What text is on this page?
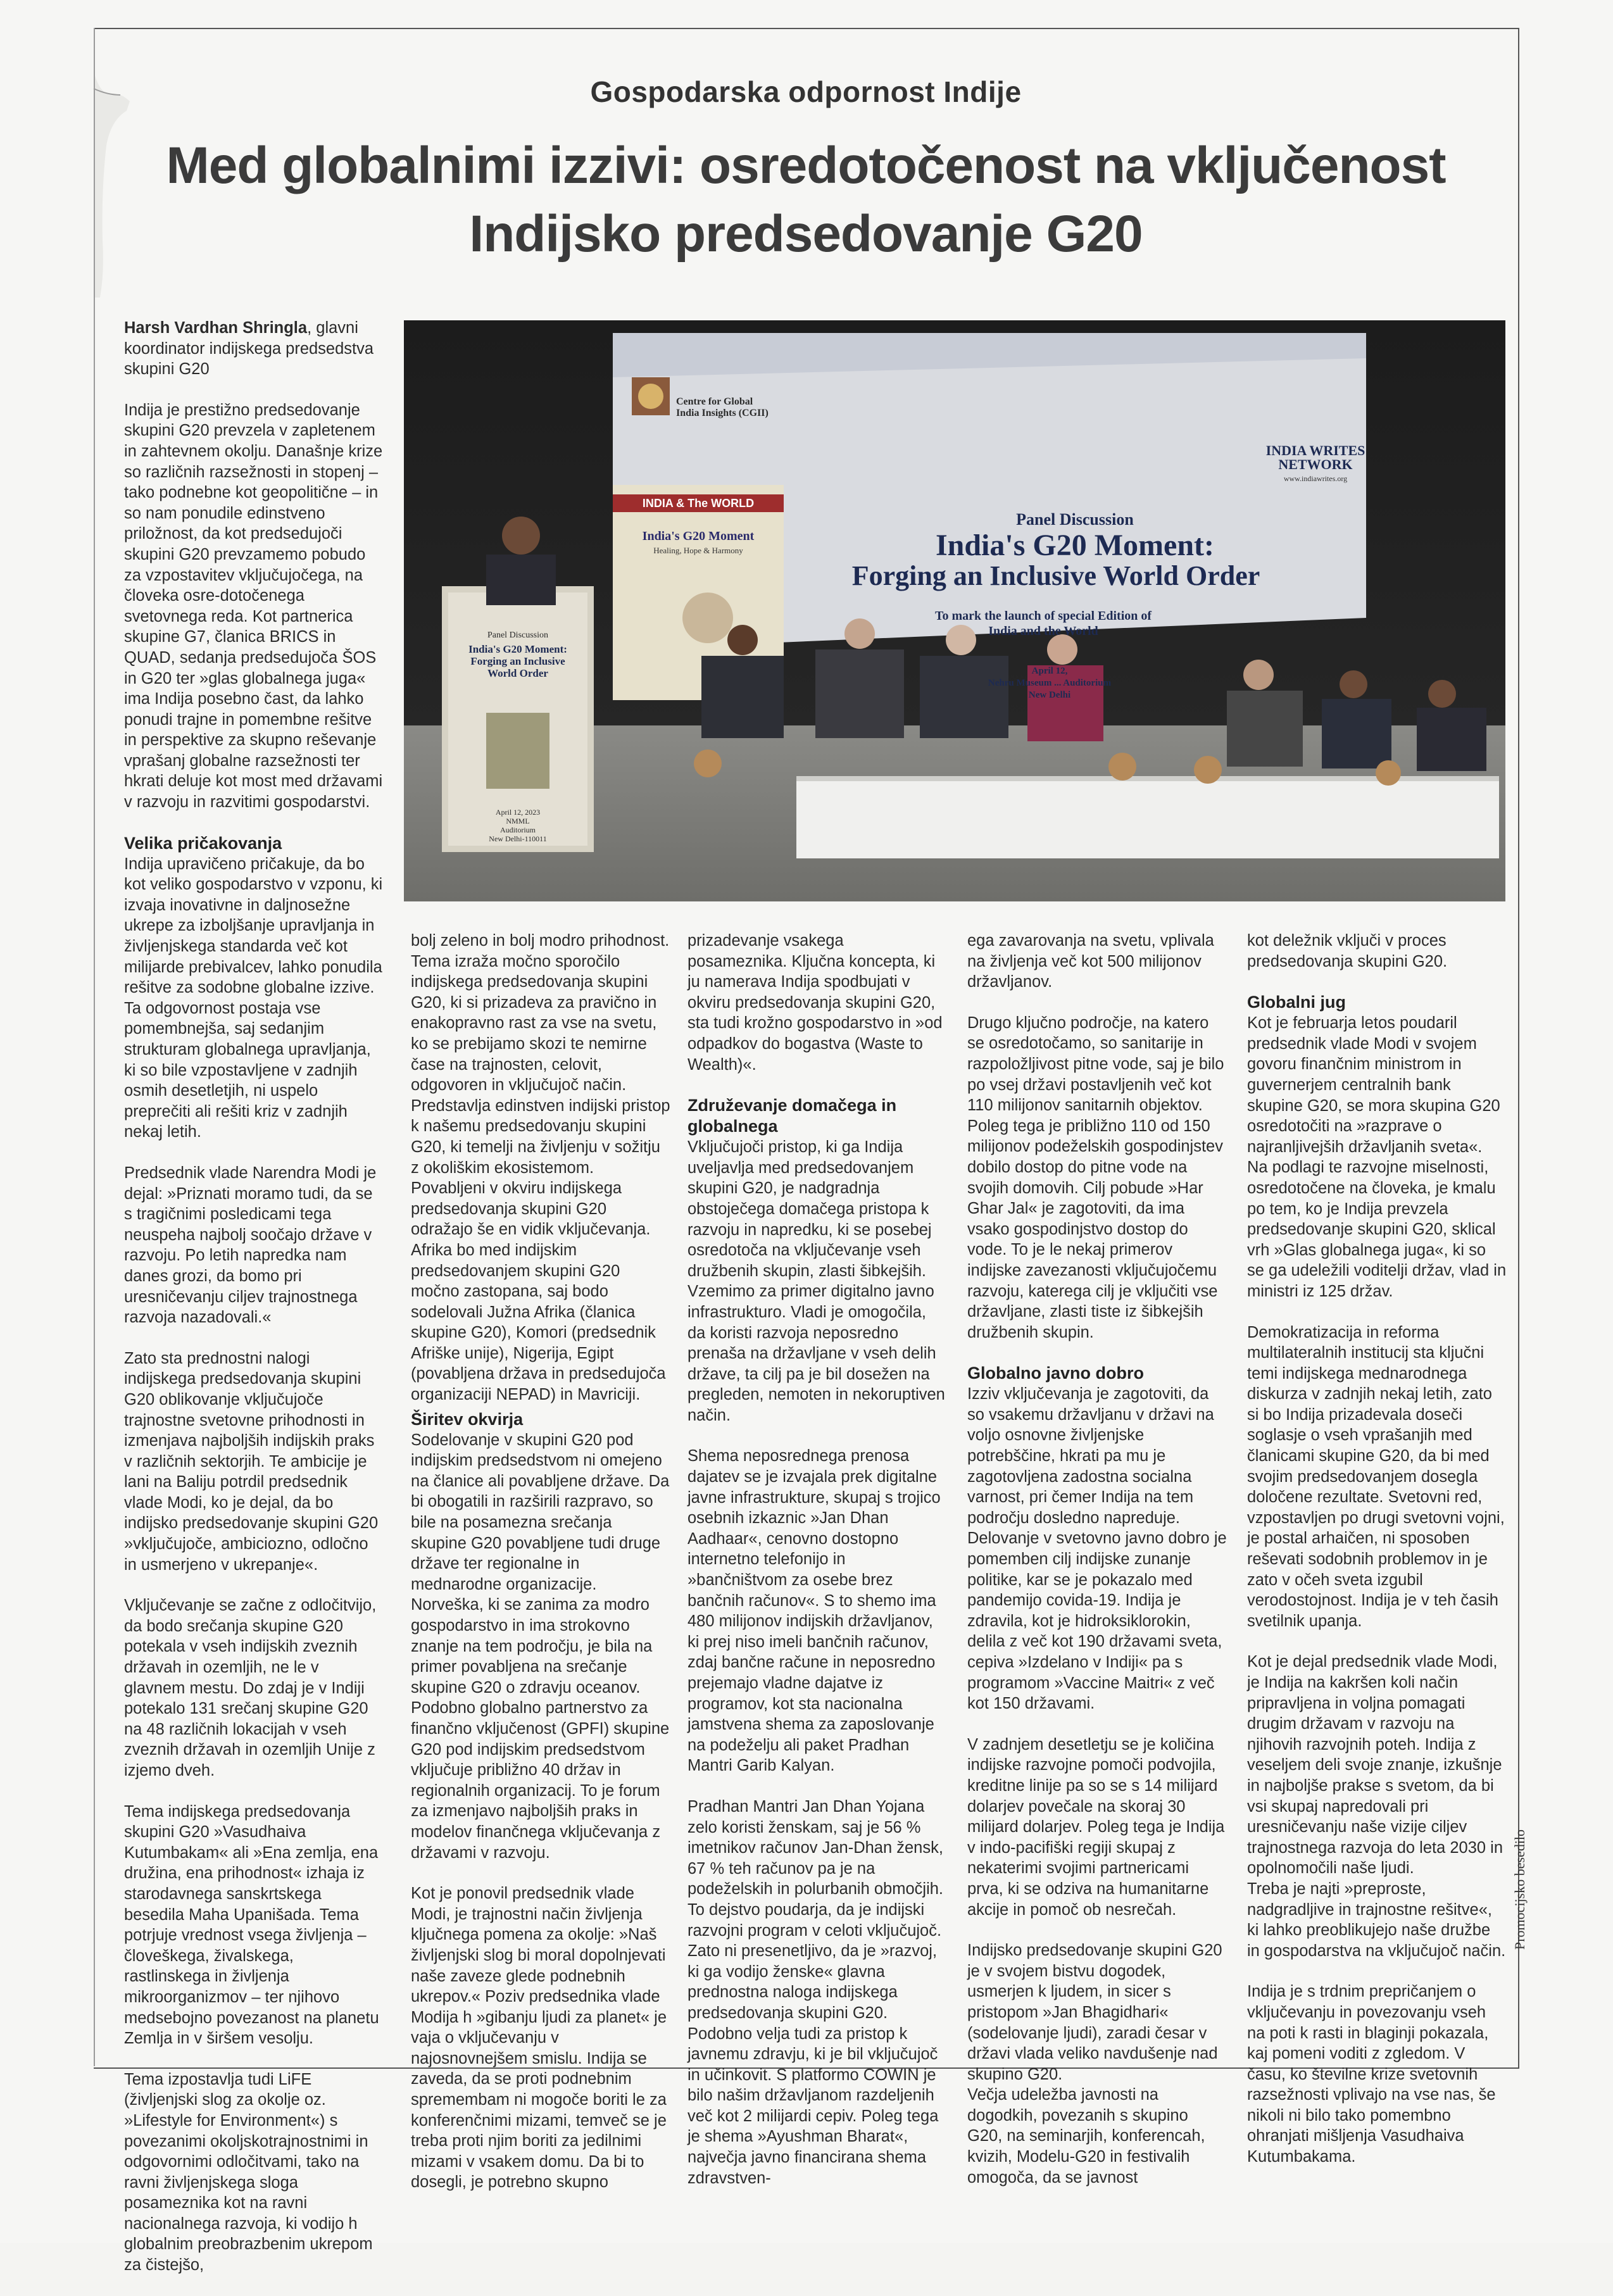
Gospodarska odpornost Indije
Med globalnimi izzivi: osredotočenost na vključenost
Indijsko predsedovanje G20
Centre for Global
India Insights (CGII)
INDIA WRITES
NETWORK
www.indiawrites.org
Panel Discussion
India's G20 Moment:
Forging an Inclusive World Order
To mark the launch of special Edition of
India and the World
April 12,
Nehru Museum ... Auditorium
New Delhi
INDIA & The WORLD
India's G20 Moment
Healing, Hope & Harmony
Panel Discussion
India's G20 Moment:
Forging an Inclusive
World Order
April 12, 2023
NMML
Auditorium
New Delhi-110011

Harsh Vardhan Shringla, glavni koordinator indijskega predsedstva skupini G20

Indija je prestižno predsedovanje skupini G20 prevzela v zapletenem in zahtevnem okolju. Današnje krize so različnih razsežnosti in stopenj – tako podnebne kot geopolitične – in so nam ponudile edinstveno priložnost, da kot predsedujoči skupini G20 prevzamemo pobudo za vzpostavitev vključujočega, na človeka osre-dotočenega svetovnega reda. Kot partnerica skupine G7, članica BRICS in QUAD, sedanja predsedujoča ŠOS in G20 ter »glas globalnega juga« ima Indija posebno čast, da lahko ponudi trajne in pomembne rešitve in perspektive za skupno reševanje vprašanj globalne razsežnosti ter hkrati deluje kot most med državami v razvoju in razvitimi gospodarstvi.

Velika pričakovanja

Indija upravičeno pričakuje, da bo kot veliko gospodarstvo v vzponu, ki izvaja inovativne in daljnosežne ukrepe za izboljšanje upravljanja in življenjskega standarda več kot milijarde prebivalcev, lahko ponudila rešitve za sodobne globalne izzive. Ta odgovornost postaja vse pomembnejša, saj sedanjim strukturam globalnega upravljanja, ki so bile vzpostavljene v zadnjih osmih desetletjih, ni uspelo preprečiti ali rešiti kriz v zadnjih nekaj letih.

Predsednik vlade Narendra Modi je dejal: »Priznati moramo tudi, da se s tragičnimi posledicami tega neuspeha najbolj soočajo države v razvoju. Po letih napredka nam danes grozi, da bomo pri uresničevanju ciljev trajnostnega razvoja nazadovali.«

Zato sta prednostni nalogi indijskega predsedovanja skupini G20 oblikovanje vključujoče trajnostne svetovne prihodnosti in izmenjava najboljših indijskih praks v različnih sektorjih. Te ambicije je lani na Baliju potrdil predsednik vlade Modi, ko je dejal, da bo indijsko predsedovanje skupini G20 »vključujoče, ambiciozno, odločno in usmerjeno v ukrepanje«.

Vključevanje se začne z odločitvijo, da bodo srečanja skupine G20 potekala v vseh indijskih zveznih državah in ozemljih, ne le v glavnem mestu. Do zdaj je v Indiji potekalo 131 srečanj skupine G20 na 48 različnih lokacijah v vseh zveznih državah in ozemljih Unije z izjemo dveh.

Tema indijskega predsedovanja skupini G20 »Vasudhaiva Kutumbakam« ali »Ena zemlja, ena družina, ena prihodnost« izhaja iz starodavnega sanskrtskega besedila Maha Upanišada. Tema potrjuje vrednost vsega življenja – človeškega, živalskega, rastlinskega in življenja mikroorganizmov – ter njihovo medsebojno povezanost na planetu Zemlja in v širšem vesolju.

Tema izpostavlja tudi LiFE (življenjski slog za okolje oz. »Lifestyle for Environment«) s povezanimi okoljskotrajnostnimi in odgovornimi odločitvami, tako na ravni življenjskega sloga posameznika kot na ravni nacionalnega razvoja, ki vodijo h globalnim preobrazbenim ukrepom za čistejšo,

bolj zeleno in bolj modro prihodnost. Tema izraža močno sporočilo indijskega predsedovanja skupini G20, ki si prizadeva za pravično in enakopravno rast za vse na svetu, ko se prebijamo skozi te nemirne čase na trajnosten, celovit, odgovoren in vključujoč način. Predstavlja edinstven indijski pristop k našemu predsedovanju skupini G20, ki temelji na življenju v sožitju z okoliškim ekosistemom. Povabljeni v okviru indijskega predsedovanja skupini G20 odražajo še en vidik vključevanja. Afrika bo med indijskim predsedovanjem skupini G20 močno zastopana, saj bodo sodelovali Južna Afrika (članica skupine G20), Komori (predsednik Afriške unije), Nigerija, Egipt (povabljena država in predsedujoča organizaciji NEPAD) in Mavriciji.

Širitev okvirja

Sodelovanje v skupini G20 pod indijskim predsedstvom ni omejeno na članice ali povabljene države. Da bi obogatili in razširili razpravo, so bile na posamezna srečanja skupine G20 povabljene tudi druge države ter regionalne in mednarodne organizacije. Norveška, ki se zanima za modro gospodarstvo in ima strokovno znanje na tem področju, je bila na primer povabljena na srečanje skupine G20 o zdravju oceanov. Podobno globalno partnerstvo za finančno vključenost (GPFI) skupine G20 pod indijskim predsedstvom vključuje približno 40 držav in regionalnih organizacij. To je forum za izmenjavo najboljših praks in modelov finančnega vključevanja z državami v razvoju.

Kot je ponovil predsednik vlade Modi, je trajnostni način življenja ključnega pomena za okolje: »Naš življenjski slog bi moral dopolnjevati naše zaveze glede podnebnih ukrepov.« Poziv predsednika vlade Modija h »gibanju ljudi za planet« je vaja o vključevanju v najosnovnejšem smislu. Indija se zaveda, da se proti podnebnim spremembam ni mogoče boriti le za konferenčnimi mizami, temveč se je treba proti njim boriti za jedilnimi mizami v vsakem domu. Da bi to dosegli, je potrebno skupno

prizadevanje vsakega posameznika. Ključna koncepta, ki ju namerava Indija spodbujati v okviru predsedovanja skupini G20, sta tudi krožno gospodarstvo in »od odpadkov do bogastva (Waste to Wealth)«.

Združevanje domačega in globalnega

Vključujoči pristop, ki ga Indija uveljavlja med predsedovanjem skupini G20, je nadgradnja obstoječega domačega pristopa k razvoju in napredku, ki se posebej osredotoča na vključevanje vseh družbenih skupin, zlasti šibkejših. Vzemimo za primer digitalno javno infrastrukturo. Vladi je omogočila, da koristi razvoja neposredno prenaša na državljane v vseh delih države, ta cilj pa je bil dosežen na pregleden, nemoten in nekoruptiven način.

Shema neposrednega prenosa dajatev se je izvajala prek digitalne javne infrastrukture, skupaj s trojico osebnih izkaznic »Jan Dhan Aadhaar«, cenovno dostopno internetno telefonijo in »bančništvom za osebe brez bančnih računov«. S to shemo ima 480 milijonov indijskih državljanov, ki prej niso imeli bančnih računov, zdaj bančne račune in neposredno prejemajo vladne dajatve iz programov, kot sta nacionalna jamstvena shema za zaposlovanje na podeželju ali paket Pradhan Mantri Garib Kalyan.

Pradhan Mantri Jan Dhan Yojana zelo koristi ženskam, saj je 56 % imetnikov računov Jan-Dhan žensk, 67 % teh računov pa je na podeželskih in polurbanih območjih. To dejstvo poudarja, da je indijski razvojni program v celoti vključujoč. Zato ni presenetljivo, da je »razvoj, ki ga vodijo ženske« glavna prednostna naloga indijskega predsedovanja skupini G20.
Podobno velja tudi za pristop k javnemu zdravju, ki je bil vključujoč in učinkovit. S platformo COWIN je bilo našim državljanom razdeljenih več kot 2 milijardi cepiv. Poleg tega je shema »Ayushman Bharat«, največja javno financirana shema zdravstven-

ega zavarovanja na svetu, vplivala na življenja več kot 500 milijonov državljanov.

Drugo ključno področje, na katero se osredotočamo, so sanitarije in razpoložljivost pitne vode, saj je bilo po vsej državi postavljenih več kot 110 milijonov sanitarnih objektov. Poleg tega je približno 110 od 150 milijonov podeželskih gospodinjstev dobilo dostop do pitne vode na svojih domovih. Cilj pobude »Har Ghar Jal« je zagotoviti, da ima vsako gospodinjstvo dostop do vode. To je le nekaj primerov indijske zavezanosti vključujočemu razvoju, katerega cilj je vključiti vse državljane, zlasti tiste iz šibkejših družbenih skupin.

Globalno javno dobro

Izziv vključevanja je zagotoviti, da so vsakemu državljanu v državi na voljo osnovne življenjske potrebščine, hkrati pa mu je zagotovljena zadostna socialna varnost, pri čemer Indija na tem področju dosledno napreduje. Delovanje v svetovno javno dobro je pomemben cilj indijske zunanje politike, kar se je pokazalo med pandemijo covida-19. Indija je zdravila, kot je hidroksiklorokin, delila z več kot 190 državami sveta, cepiva »Izdelano v Indiji« pa s programom »Vaccine Maitri« z več kot 150 državami.

V zadnjem desetletju se je količina indijske razvojne pomoči podvojila, kreditne linije pa so se s 14 milijard dolarjev povečale na skoraj 30 milijard dolarjev. Poleg tega je Indija v indo-pacifiški regiji skupaj z nekaterimi svojimi partnericami prva, ki se odziva na humanitarne akcije in pomoč ob nesrečah.

Indijsko predsedovanje skupini G20 je v svojem bistvu dogodek, usmerjen k ljudem, in sicer s pristopom »Jan Bhagidhari« (sodelovanje ljudi), zaradi česar v državi vlada veliko navdušenje nad skupino G20.
Večja udeležba javnosti na dogodkih, povezanih s skupino G20, na seminarjih, konferencah, kvizih, Modelu-G20 in festivalih omogoča, da se javnost

kot deležnik vključi v proces predsedovanja skupini G20.

Globalni jug

Kot je februarja letos poudaril predsednik vlade Modi v svojem govoru finančnim ministrom in guvernerjem centralnih bank skupine G20, se mora skupina G20 osredotočiti na »razprave o najranljivejših državljanih sveta«. Na podlagi te razvojne miselnosti, osredotočene na človeka, je kmalu po tem, ko je Indija prevzela predsedovanje skupini G20, sklical vrh »Glas globalnega juga«, ki so se ga udeležili voditelji držav, vlad in ministri iz 125 držav.

Demokratizacija in reforma multilateralnih institucij sta ključni temi indijskega mednarodnega diskurza v zadnjih nekaj letih, zato si bo Indija prizadevala doseči soglasje o vseh vprašanjih med članicami skupine G20, da bi med svojim predsedovanjem dosegla določene rezultate. Svetovni red, vzpostavljen po drugi svetovni vojni, je postal arhaičen, ni sposoben reševati sodobnih problemov in je zato v očeh sveta izgubil verodostojnost. Indija je v teh časih svetilnik upanja.

Kot je dejal predsednik vlade Modi, je Indija na kakršen koli način pripravljena in voljna pomagati drugim državam v razvoju na njihovih razvojnih poteh. Indija z veseljem deli svoje znanje, izkušnje in najboljše prakse s svetom, da bi vsi skupaj napredovali pri uresničevanju naše vizije ciljev trajnostnega razvoja do leta 2030 in opolnomočili naše ljudi.
Treba je najti »preproste, nadgradljive in trajnostne rešitve«, ki lahko preoblikujejo naše družbe in gospodarstva na vključujoč način.

Indija je s trdnim prepričanjem o vključevanju in povezovanju vseh na poti k rasti in blaginji pokazala, kaj pomeni voditi z zgledom. V času, ko številne krize svetovnih razsežnosti vplivajo na vse nas, še nikoli ni bilo tako pomembno ohranjati mišljenja Vasudhaiva Kutumbakama.

Promocijsko besedilo
